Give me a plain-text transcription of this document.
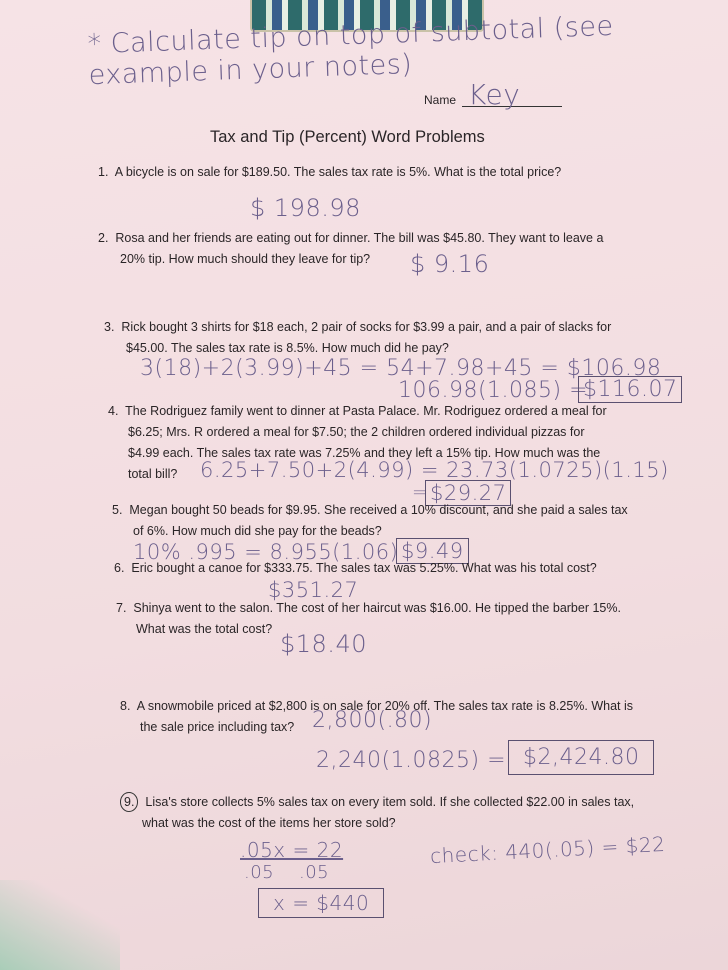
* Calculate tip on top of subtotal (see example in your notes)
Name Key
Tax and Tip (Percent) Word Problems
1. A bicycle is on sale for $189.50. The sales tax rate is 5%. What is the total price?
$ 198.98
2. Rosa and her friends are eating out for dinner. The bill was $45.80. They want to leave a
20% tip. How much should they leave for tip?	$ 9.16
3. Rick bought 3 shirts for $18 each, 2 pair of socks for $3.99 a pair, and a pair of slacks for
$45.00. The sales tax rate is 8.5%. How much did he pay?
3(18)+2(3.99)+45 = 54+7.98+45 = $106.98
106.98(1.085) =
$116.07
4. The Rodriguez family went to dinner at Pasta Palace. Mr. Rodriguez ordered a meal for
$6.25; Mrs. R ordered a meal for $7.50; the 2 children ordered individual pizzas for
$4.99 each. The sales tax rate was 7.25% and they left a 15% tip. How much was the
total bill?	6.25+7.50+2(4.99) = 23.73(1.0725)(1.15)
= $29.27
5. Megan bought 50 beads for $9.95. She received a 10% discount, and she paid a sales tax
of 6%. How much did she pay for the beads?
10% .995 = 8.955(1.06) $9.49
6. Eric bought a canoe for $333.75. The sales tax was 5.25%. What was his total cost?
$351.27
7. Shinya went to the salon. The cost of her haircut was $16.00. He tipped the barber 15%.
What was the total cost?
$18.40
8. A snowmobile priced at $2,800 is on sale for 20% off. The sales tax rate is 8.25%. What is
the sale price including tax? 2,800(.80)
2,240(1.0825) = $2,424.80
9. Lisa's store collects 5% sales tax on every item sold. If she collected $22.00 in sales tax,
what was the cost of the items her store sold?
.05x = 22
.05    .05
x = $440
check: 440(.05) = $22
